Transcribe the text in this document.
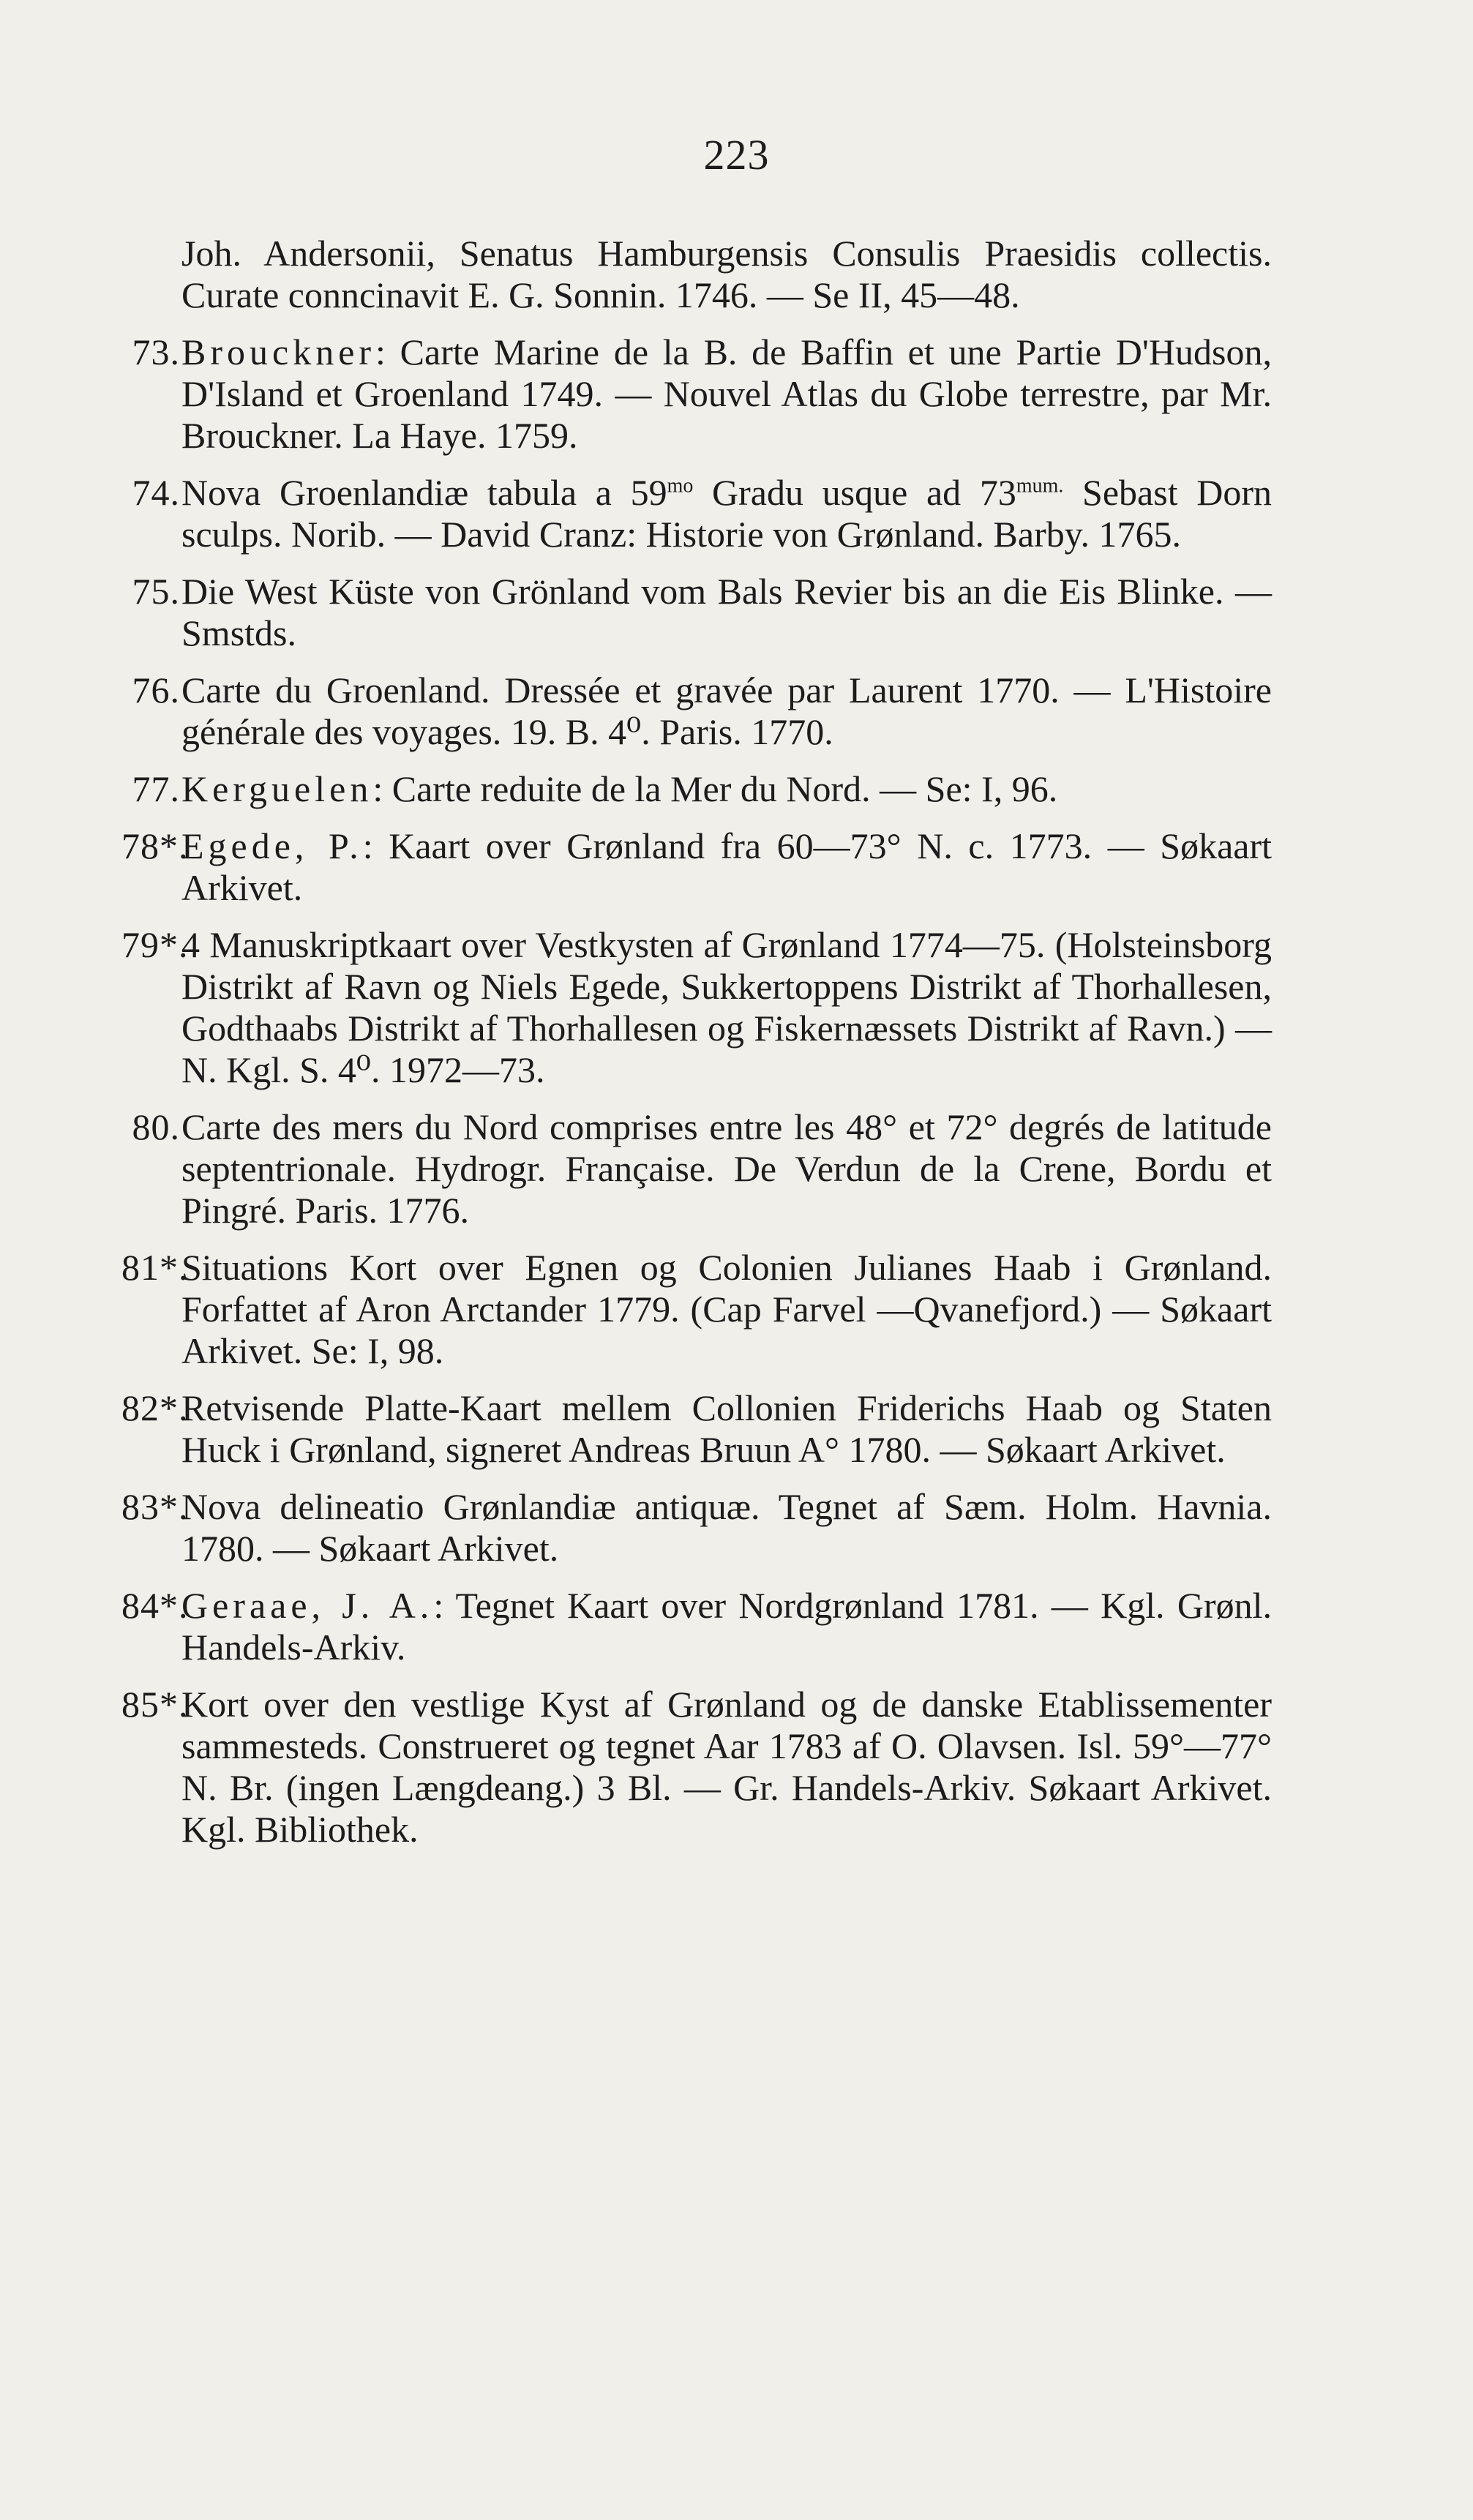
223
Joh. Andersonii, Senatus Hamburgensis Consulis Praesidis collectis. Curate conncinavit E. G. Sonnin. 1746. — Se II, 45—48.
73. Brouckner: Carte Marine de la B. de Baffin et une Partie D'Hudson, D'Island et Groenland 1749. — Nouvel Atlas du Globe terrestre, par Mr. Brouckner. La Haye. 1759.
74. Nova Groenlandiæ tabula a $59^{mo}$ Gradu usque ad $73^{mum.}$ Sebast Dorn sculps. Norib. — David Cranz: Historie von Grønland. Barby. 1765.
75. Die West Küste von Grönland vom Bals Revier bis an die Eis Blinke. — Smstds.
76. Carte du Groenland. Dressée et gravée par Laurent 1770. — L'Histoire générale des voyages. 19. B. 4⁰. Paris. 1770.
77. Kerguelen: Carte reduite de la Mer du Nord. — Se: I, 96.
78*.
Egede, P.: Kaart over Grønland fra 60—73° N. c. 1773. — Søkaart Arkivet.
79*.
4 Manuskriptkaart over Vestkysten af Grønland 1774—75. (Holsteinsborg Distrikt af Ravn og Niels Egede, Sukkertoppens Distrikt af Thorhallesen, Godthaabs Distrikt af Thorhallesen og Fiskernæssets Distrikt af Ravn.) — N. Kgl. S. 4⁰. 1972—73.
80. Carte des mers du Nord comprises entre les 48° et 72° degrés de latitude septentrionale. Hydrogr. Française. De Verdun de la Crene, Bordu et Pingré. Paris. 1776.
81*.
Situations Kort over Egnen og Colonien Julianes Haab i Grønland. Forfattet af Aron Arctander 1779. (Cap Farvel —Qvanefjord.) — Søkaart Arkivet. Se: I, 98.
82*.
Retvisende Platte-Kaart mellem Collonien Friderichs Haab og Staten Huck i Grønland, signeret Andreas Bruun A° 1780. — Søkaart Arkivet.
83*.
Nova delineatio Grønlandiæ antiquæ. Tegnet af Sæm. Holm. Havnia. 1780. — Søkaart Arkivet.
84*.
Geraae, J. A.: Tegnet Kaart over Nordgrønland 1781. — Kgl. Grønl. Handels-Arkiv.
85*.
Kort over den vestlige Kyst af Grønland og de danske Etablissementer sammesteds. Construeret og tegnet Aar 1783 af O. Olavsen. Isl. 59°—77° N. Br. (ingen Længdeang.) 3 Bl. — Gr. Handels-Arkiv. Søkaart Arkivet. Kgl. Bibliothek.
